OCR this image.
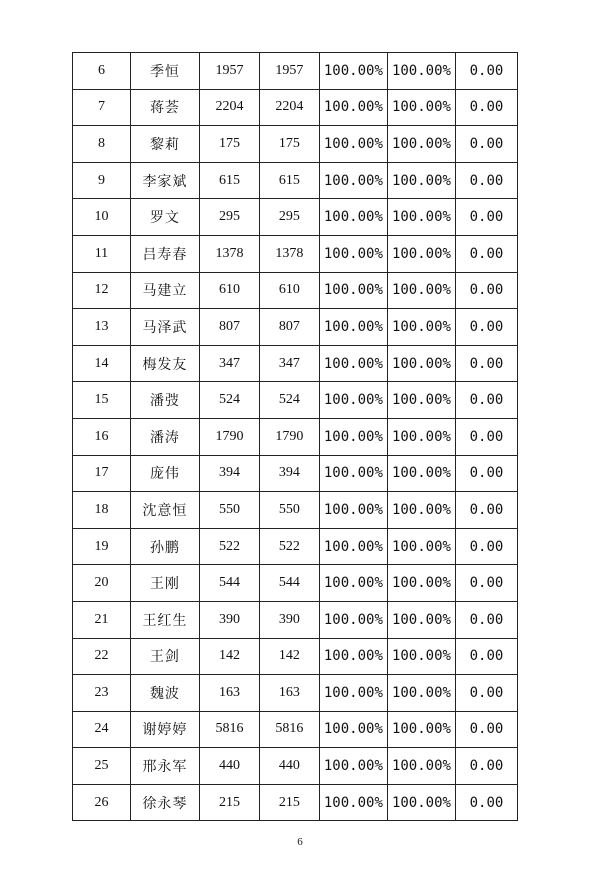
6	季恒	1957	1957	100.00%	100.00%	0.00
7	蒋荟	2204	2204	100.00%	100.00%	0.00
8	黎莉	175	175	100.00%	100.00%	0.00
9	李家斌	615	615	100.00%	100.00%	0.00
10	罗文	295	295	100.00%	100.00%	0.00
11	吕寿春	1378	1378	100.00%	100.00%	0.00
12	马建立	610	610	100.00%	100.00%	0.00
13	马泽武	807	807	100.00%	100.00%	0.00
14	梅发友	347	347	100.00%	100.00%	0.00
15	潘弢	524	524	100.00%	100.00%	0.00
16	潘涛	1790	1790	100.00%	100.00%	0.00
17	庞伟	394	394	100.00%	100.00%	0.00
18	沈意恒	550	550	100.00%	100.00%	0.00
19	孙鹏	522	522	100.00%	100.00%	0.00
20	王刚	544	544	100.00%	100.00%	0.00
21	王红生	390	390	100.00%	100.00%	0.00
22	王剑	142	142	100.00%	100.00%	0.00
23	魏波	163	163	100.00%	100.00%	0.00
24	谢婷婷	5816	5816	100.00%	100.00%	0.00
25	邢永军	440	440	100.00%	100.00%	0.00
26	徐永琴	215	215	100.00%	100.00%	0.00
6
